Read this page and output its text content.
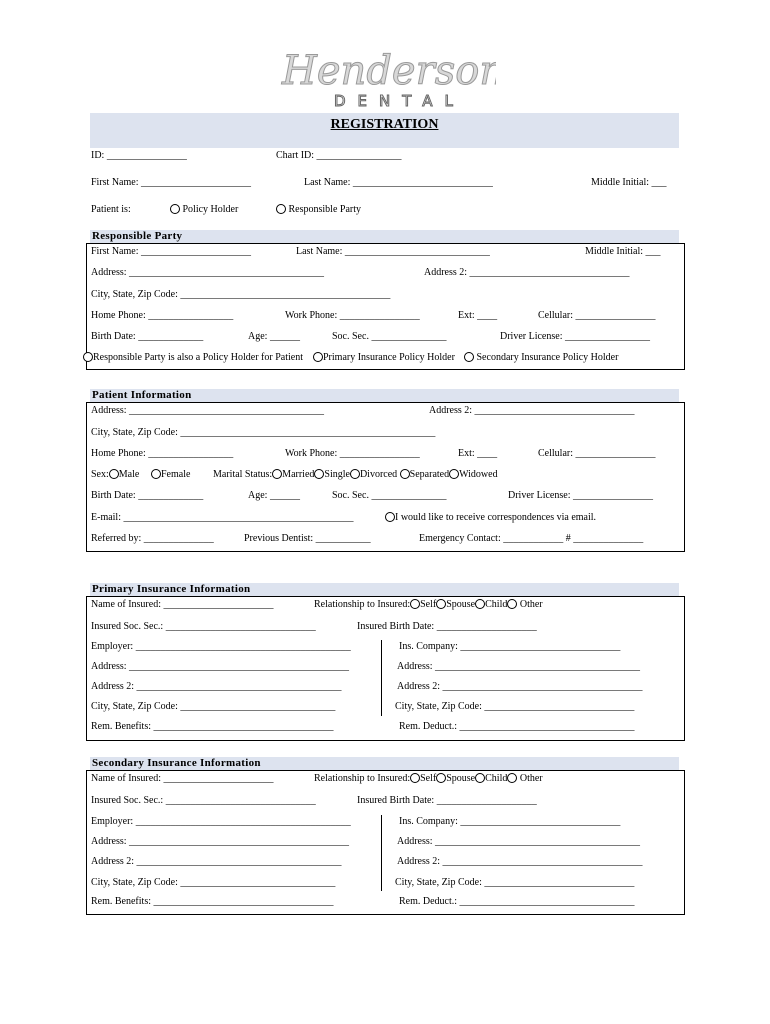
Henderson
DENTAL
REGISTRATION
ID: ________________	Chart ID: _________________
First Name: ______________________	Last Name: ____________________________	Middle Initial: ___
Patient is:	Policy Holder	Responsible Party
Responsible Party
First Name: ______________________	Last Name: _____________________________	Middle Initial: ___
Address: _______________________________________	Address 2: ________________________________
City, State, Zip Code: __________________________________________
Home Phone: _________________	Work Phone: ________________	Ext: ____	Cellular: ________________
Birth Date: _____________	Age: ______	Soc. Sec. _______________	Driver License: _________________
Responsible Party is also a Policy Holder for Patient	Primary Insurance Policy Holder	Secondary Insurance Policy Holder
Patient Information
Address: _______________________________________	Address 2: ________________________________
City, State, Zip Code: ___________________________________________________
Home Phone: _________________	Work Phone: ________________	Ext: ____	Cellular: ________________
Sex: Male	Female Marital Status: Married Single Divorced Separated Widowed
Birth Date: _____________	Age: ______	Soc. Sec. _______________	Driver License: ________________
E-mail: ______________________________________________	I would like to receive correspondences via email.
Referred by: ______________	Previous Dentist: ___________	Emergency Contact: ____________ # ______________
Primary Insurance Information
Name of Insured: ______________________	Relationship to Insured: Self Spouse Child Other
Insured Soc. Sec.: ______________________________	Insured Birth Date: ____________________
Employer: ___________________________________________	Ins. Company: ________________________________
Address: ____________________________________________	Address: _________________________________________
Address 2: _________________________________________	Address 2: ________________________________________
City, State, Zip Code: _______________________________	City, State, Zip Code: ______________________________
Rem. Benefits: ____________________________________	Rem. Deduct.: ___________________________________
Secondary Insurance Information
Name of Insured: ______________________	Relationship to Insured: Self Spouse Child Other
Insured Soc. Sec.: ______________________________	Insured Birth Date: ____________________
Employer: ___________________________________________	Ins. Company: ________________________________
Address: ____________________________________________	Address: _________________________________________
Address 2: _________________________________________	Address 2: ________________________________________
City, State, Zip Code: _______________________________	City, State, Zip Code: ______________________________
Rem. Benefits: ____________________________________	Rem. Deduct.: ___________________________________
